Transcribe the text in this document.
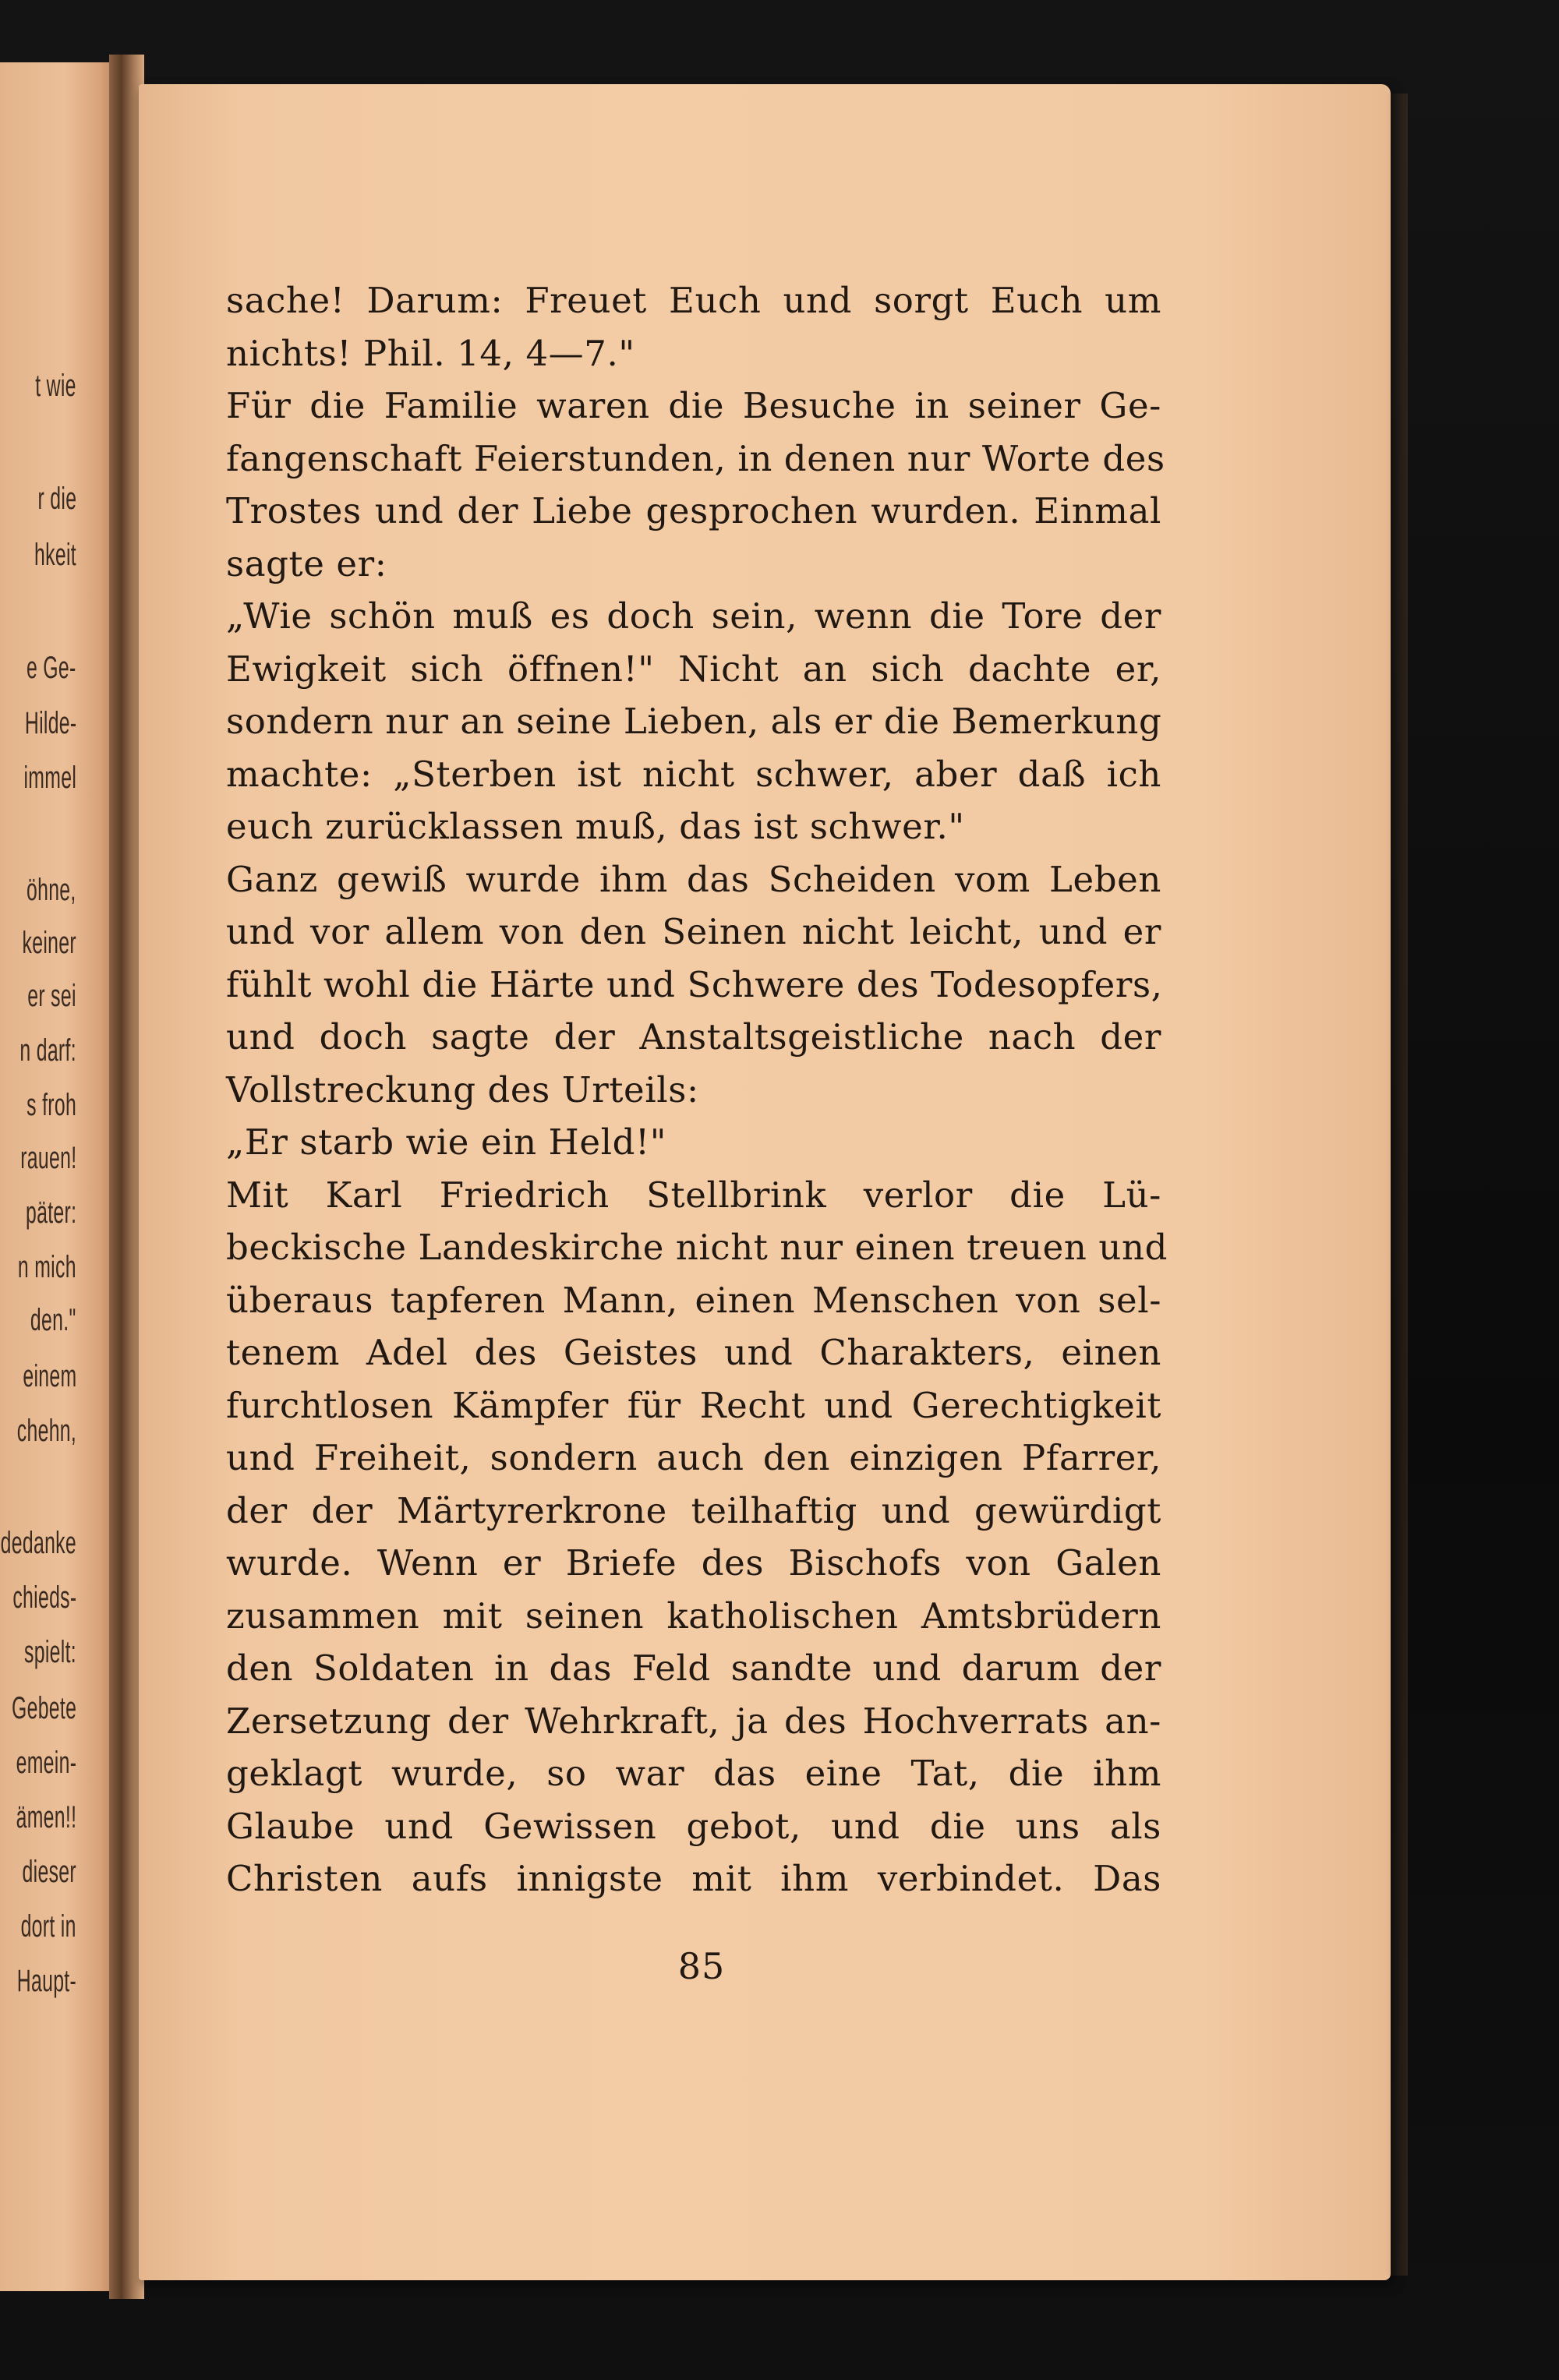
t wie
r die
hkeit
e Ge-
Hilde-
immel
öhne,
keiner
er sei
n darf:
s froh
rauen!
päter:
n mich
den."
einem
chehn,
dedanke
chieds-
spielt:
Gebete
emein-
ämen!!
dieser
dort in
Haupt-
sache! Darum: Freuet Euch und sorgt Euch um
nichts! Phil. 14, 4—7."
Für die Familie waren die Besuche in seiner Ge-
fangenschaft Feierstunden, in denen nur Worte des
Trostes und der Liebe gesprochen wurden. Einmal
sagte er:
„Wie schön muß es doch sein, wenn die Tore der
Ewigkeit sich öffnen!" Nicht an sich dachte er,
sondern nur an seine Lieben, als er die Bemerkung
machte: „Sterben ist nicht schwer, aber daß ich
euch zurücklassen muß, das ist schwer."
Ganz gewiß wurde ihm das Scheiden vom Leben
und vor allem von den Seinen nicht leicht, und er
fühlt wohl die Härte und Schwere des Todesopfers,
und doch sagte der Anstaltsgeistliche nach der
Vollstreckung des Urteils:
„Er starb wie ein Held!"
Mit Karl Friedrich Stellbrink verlor die Lü-
beckische Landeskirche nicht nur einen treuen und
überaus tapferen Mann, einen Menschen von sel-
tenem Adel des Geistes und Charakters, einen
furchtlosen Kämpfer für Recht und Gerechtigkeit
und Freiheit, sondern auch den einzigen Pfarrer,
der der Märtyrerkrone teilhaftig und gewürdigt
wurde. Wenn er Briefe des Bischofs von Galen
zusammen mit seinen katholischen Amtsbrüdern
den Soldaten in das Feld sandte und darum der
Zersetzung der Wehrkraft, ja des Hochverrats an-
geklagt wurde, so war das eine Tat, die ihm
Glaube und Gewissen gebot, und die uns als
Christen aufs innigste mit ihm verbindet. Das
85
